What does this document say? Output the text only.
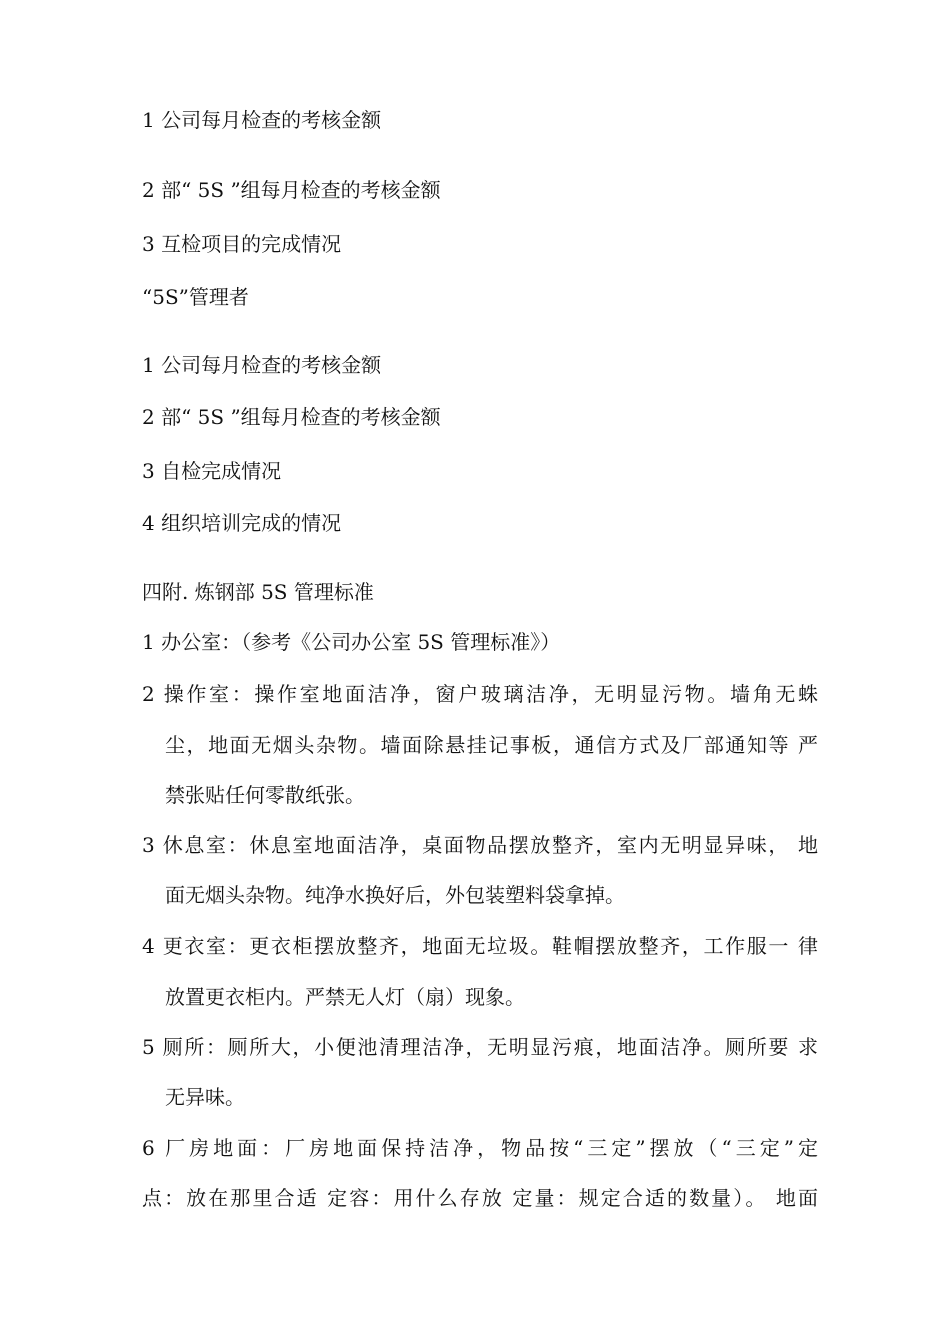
1 公司每月检查的考核金额
2 部“ 5S ”组每月检查的考核金额
3 互检项目的完成情况
“5S”管理者
1 公司每月检查的考核金额
2 部“ 5S ”组每月检查的考核金额
3 自检完成情况
4 组织培训完成的情况
四附. 炼钢部 5S 管理标准
1 办公室：（参考《公司办公室 5S 管理标准》）
2 操作室：操作室地面洁净，窗户玻璃洁净，无明显污物。墙角无蛛
尘，地面无烟头杂物。墙面除悬挂记事板，通信方式及厂部通知等 严
禁张贴任何零散纸张。
3 休息室：休息室地面洁净，桌面物品摆放整齐，室内无明显异味， 地
面无烟头杂物。纯净水换好后，外包装塑料袋拿掉。
4 更衣室：更衣柜摆放整齐，地面无垃圾。鞋帽摆放整齐，工作服一 律
放置更衣柜内。严禁无人灯（扇）现象。
5 厕所：厕所大，小便池清理洁净，无明显污痕，地面洁净。厕所要 求
无异味。
6 厂房地面：厂房地面保持洁净，物品按“三定”摆放（“三定”定
点：放在那里合适 定容：用什么存放 定量：规定合适的数量）。 地面
